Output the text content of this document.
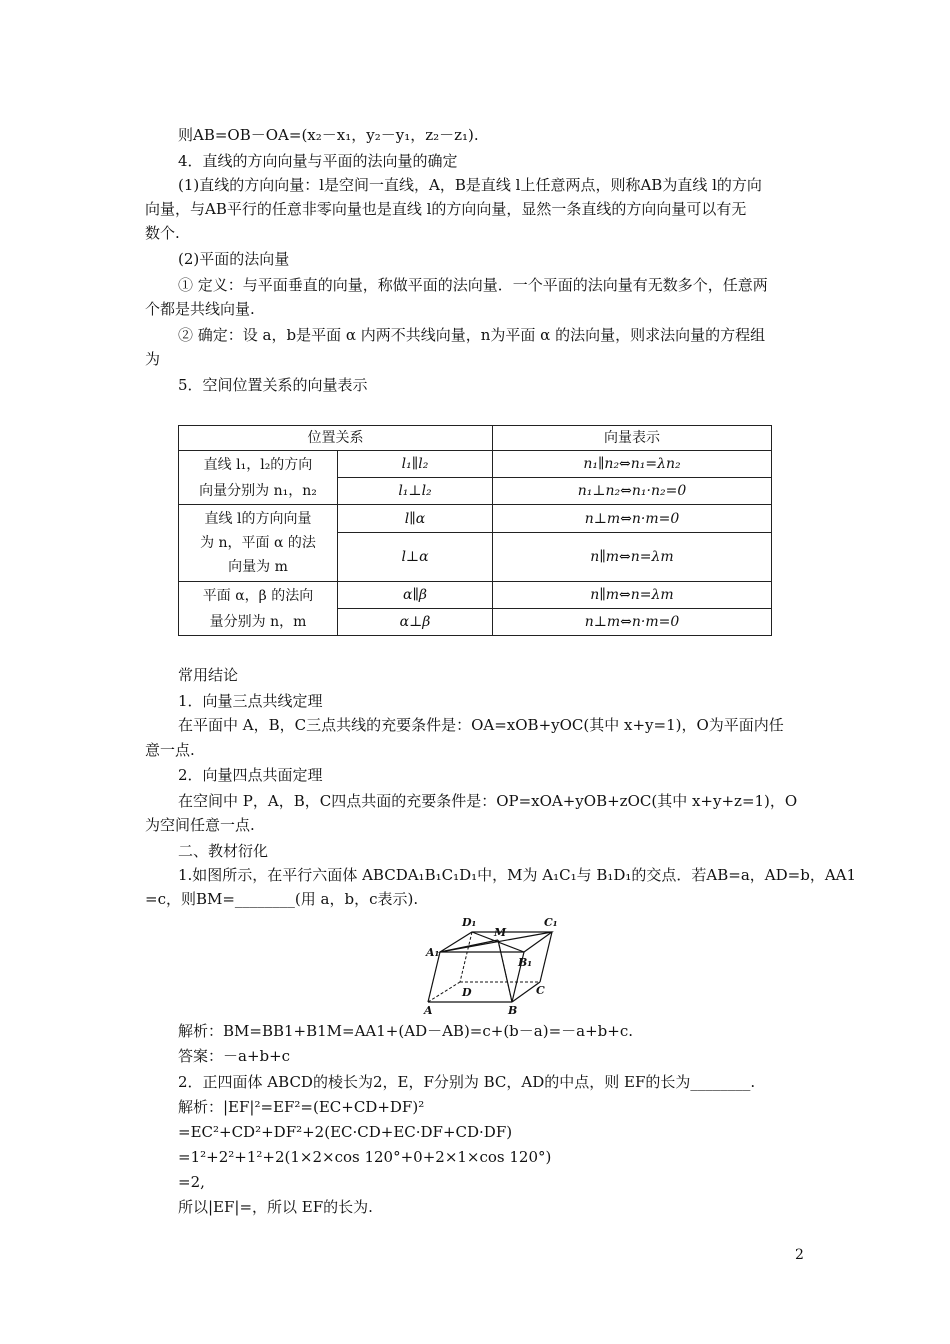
则AB=OB－OA=(x₂－x₁，y₂－y₁，z₂－z₁).
4．直线的方向向量与平面的法向量的确定
(1)直线的方向向量：l是空间一直线，A，B是直线 l上任意两点，则称AB为直线 l的方向
向量，与AB平行的任意非零向量也是直线 l的方向向量，显然一条直线的方向向量可以有无
数个.
(2)平面的法向量
① 定义：与平面垂直的向量，称做平面的法向量．一个平面的法向量有无数多个，任意两
个都是共线向量.
② 确定：设 a，b是平面 α 内两不共线向量，n为平面 α 的法向量，则求法向量的方程组
为
5．空间位置关系的向量表示
位置关系		向量表示

直线 l₁，l₂的方向
向量分别为 n₁，n₂	l₁∥l₂	n₁∥n₂⇔n₁=λn₂
	l₁⊥l₂	n₁⊥n₂⇔n₁·n₂=0

直线 l的方向向量
为 n，平面 α 的法
向量为 m	l∥α	n⊥m⇔n·m=0
	l⊥α	n∥m⇔n=λm

平面 α，β 的法向
量分别为 n，m	α∥β	n∥m⇔n=λm
	α⊥β	n⊥m⇔n·m=0
常用结论
1．向量三点共线定理
在平面中 A，B，C三点共线的充要条件是：OA=xOB+yOC(其中 x+y=1)，O为平面内任
意一点.
2．向量四点共面定理
在空间中 P，A，B，C四点共面的充要条件是：OP=xOA+yOB+zOC(其中 x+y+z=1)，O
为空间任意一点.
二、教材衍化
1.如图所示，在平行六面体 ABCDA₁B₁C₁D₁中，M为 A₁C₁与 B₁D₁的交点．若AB=a，AD=b，AA1
=c，则BM=________(用 a，b，c表示).
D₁	C₁
M
A₁
B₁
D	C
A	B
解析：BM=BB1+B1M=AA1+(AD－AB)=c+(b－a)=－a+b+c.
答案：－a+b+c
2．正四面体 ABCD的棱长为2，E，F分别为 BC，AD的中点，则 EF的长为________.
解析：|EF|²=EF²=(EC+CD+DF)²
=EC²+CD²+DF²+2(EC·CD+EC·DF+CD·DF)
=1²+2²+1²+2(1×2×cos 120°+0+2×1×cos 120°)
=2,
所以|EF|=，所以 EF的长为.
2
